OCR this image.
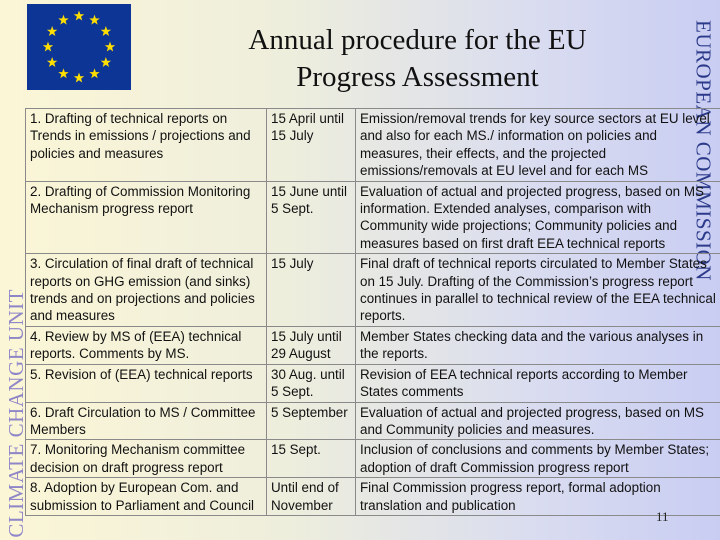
Annual procedure for the EU
Progress Assessment	EUROPEAN COMMISSION
CLIMATE CHANGE UNIT
1. Drafting of technical reports on Trends in emissions / projections and policies and measures	15 April until 15 July	Emission/removal trends for key source sectors at EU level and also for each MS./ information on policies and measures, their effects, and the projected emissions/removals at EU level and for each MS
2. Drafting of Commission Monitoring Mechanism progress report	15 June until 5 Sept.	Evaluation of actual and projected progress, based on MS information. Extended analyses, comparison with Community wide projections; Community policies and measures based on first draft EEA technical reports
3. Circulation of final draft of technical reports on GHG emission (and sinks) trends and on projections and policies and measures	15 July	Final draft of technical reports circulated to Member States on 15 July. Drafting of the Commission’s progress report continues in parallel to technical review of the EEA technical reports.
4. Review by MS of (EEA) technical reports. Comments by MS.	15 July until 29 August	Member States checking data and the various analyses in the reports.
5. Revision of (EEA) technical reports	30 Aug. until 5 Sept.	Revision of EEA technical reports according to Member States comments
6. Draft Circulation to MS / Committee Members	5 September	Evaluation of actual and projected progress, based on MS and Community policies and measures.
7. Monitoring Mechanism committee decision on draft progress report	15 Sept.	Inclusion of conclusions and comments by Member States; adoption of draft Commission progress report
8. Adoption by European Com. and submission to Parliament and Council	Until end of November	Final Commission progress report, formal adoption translation and publication
11
